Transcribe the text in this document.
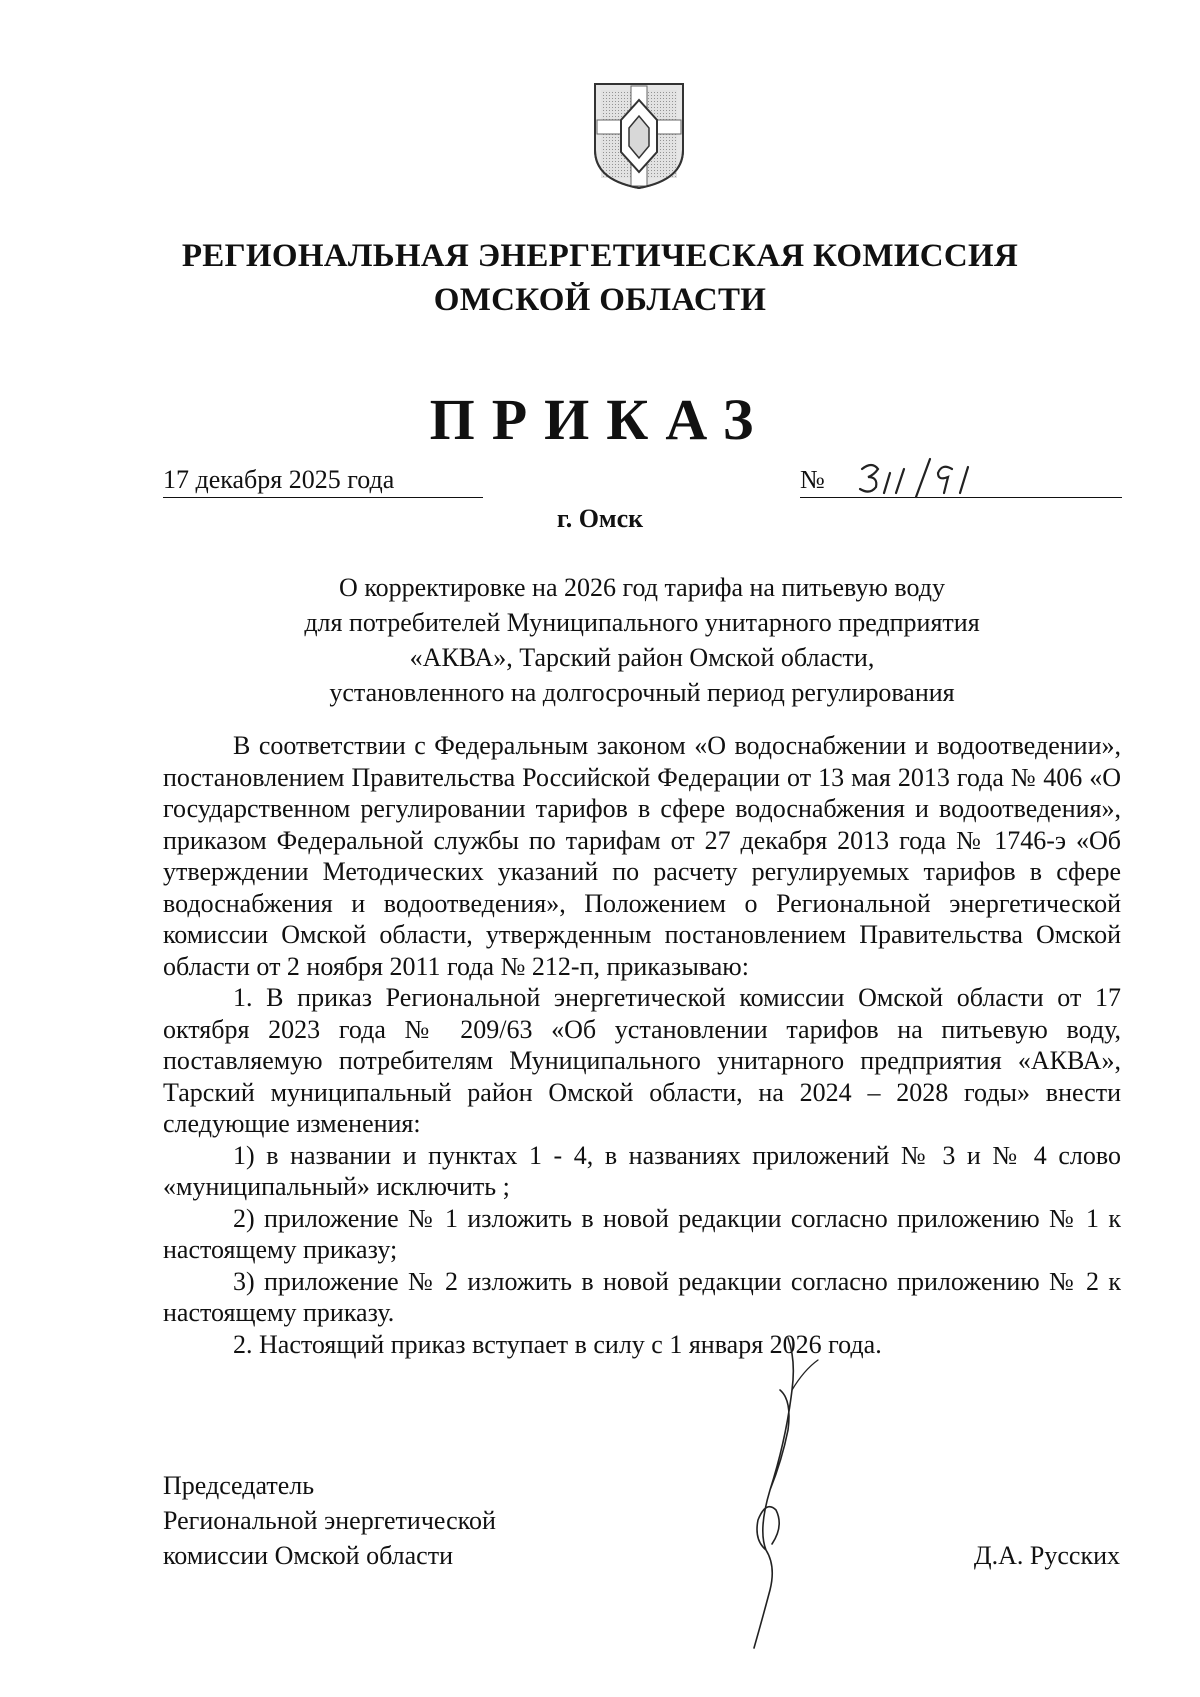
РЕГИОНАЛЬНАЯ ЭНЕРГЕТИЧЕСКАЯ КОМИССИЯ
ОМСКОЙ ОБЛАСТИ
ПРИКАЗ
17 декабря 2025 года	№
г. Омск
О корректировке на 2026 год тарифа на питьевую воду
для потребителей Муниципального унитарного предприятия
«АКВА», Тарский район Омской области,
установленного на долгосрочный период регулирования

В соответствии с Федеральным законом «О водоснабжении и водоотведении», постановлением Правительства Российской Федерации от 13 мая 2013 года № 406 «О государственном регулировании тарифов в сфере водоснабжения и водоотведения», приказом Федеральной службы по тарифам от 27 декабря 2013 года № 1746-э «Об утверждении Методических указаний по расчету регулируемых тарифов в сфере водоснабжения и водоотведения», Положением о Региональной энергетической комиссии Омской области, утвержденным постановлением Правительства Омской области от 2 ноября 2011 года № 212-п, приказываю:

1. В приказ Региональной энергетической комиссии Омской области от 17 октября 2023 года № 209/63 «Об установлении тарифов на питьевую воду, поставляемую потребителям Муниципального унитарного предприятия «АКВА», Тарский муниципальный район Омской области, на 2024 – 2028 годы» внести следующие изменения:

1) в названии и пунктах 1 - 4, в названиях приложений № 3 и № 4 слово «муниципальный» исключить ;

2) приложение № 1 изложить в новой редакции согласно приложению № 1 к настоящему приказу;

3) приложение № 2 изложить в новой редакции согласно приложению № 2 к настоящему приказу.

2. Настоящий приказ вступает в силу с 1 января 2026 года.

Председатель
Региональной энергетической
комиссии Омской области	Д.А. Русских
